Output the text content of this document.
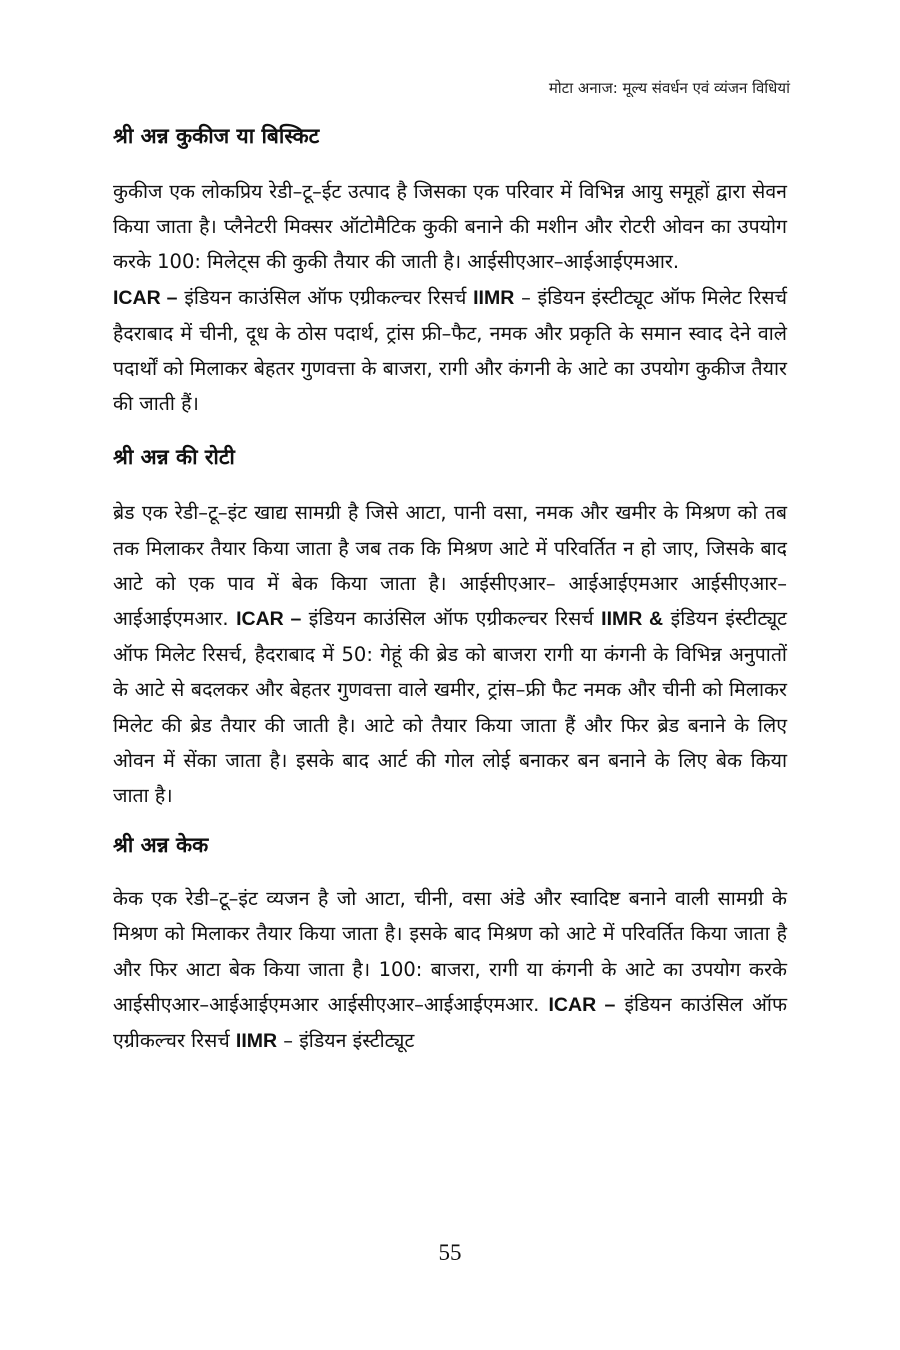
मोटा अनाज: मूल्य संवर्धन एवं व्यंजन विधियां
श्री अन्न कुकीज या बिस्किट

कुकीज एक लोकप्रिय रेडी–टू–ईट उत्पाद है जिसका एक परिवार में विभिन्न आयु समूहों द्वारा सेवन किया जाता है। प्लैनेटरी मिक्सर ऑटोमैटिक कुकी बनाने की मशीन और रोटरी ओवन का उपयोग करके 100: मिलेट्स की कुकी तैयार की जाती है। आईसीएआर–आईआईएमआर.
ICAR – इंडियन काउंसिल ऑफ एग्रीकल्चर रिसर्च IIMR – इंडियन इंस्टीट्यूट ऑफ मिलेट रिसर्च हैदराबाद में चीनी, दूध के ठोस पदार्थ, ट्रांस फ्री–फैट, नमक और प्रकृति के समान स्वाद देने वाले पदार्थों को मिलाकर बेहतर गुणवत्ता के बाजरा, रागी और कंगनी के आटे का उपयोग कुकीज तैयार की जाती हैं।

श्री अन्न की रोटी

ब्रेड एक रेडी–टू–इंट खाद्य सामग्री है जिसे आटा, पानी वसा, नमक और खमीर के मिश्रण को तब तक मिलाकर तैयार किया जाता है जब तक कि मिश्रण आटे में परिवर्तित न हो जाए, जिसके बाद आटे को एक पाव में बेक किया जाता है। आईसीएआर– आईआईएमआर आईसीएआर–आईआईएमआर. ICAR – इंडियन काउंसिल ऑफ एग्रीकल्चर रिसर्च IIMR & इंडियन इंस्टीट्यूट ऑफ मिलेट रिसर्च, हैदराबाद में 50: गेहूं की ब्रेड को बाजरा रागी या कंगनी के विभिन्न अनुपातों के आटे से बदलकर और बेहतर गुणवत्ता वाले खमीर, ट्रांस–फ्री फैट नमक और चीनी को मिलाकर मिलेट की ब्रेड तैयार की जाती है। आटे को तैयार किया जाता हैं और फिर ब्रेड बनाने के लिए ओवन में सेंका जाता है। इसके बाद आर्ट की गोल लोई बनाकर बन बनाने के लिए बेक किया जाता है।

श्री अन्न केक

केक एक रेडी–टू–इंट व्यजन है जो आटा, चीनी, वसा अंडे और स्वादिष्ट बनाने वाली सामग्री के मिश्रण को मिलाकर तैयार किया जाता है। इसके बाद मिश्रण को आटे में परिवर्तित किया जाता है और फिर आटा बेक किया जाता है। 100: बाजरा, रागी या कंगनी के आटे का उपयोग करके आईसीएआर–आईआईएमआर आईसीएआर–आईआईएमआर. ICAR – इंडियन काउंसिल ऑफ एग्रीकल्चर रिसर्च IIMR – इंडियन इंस्टीट्यूट

55
